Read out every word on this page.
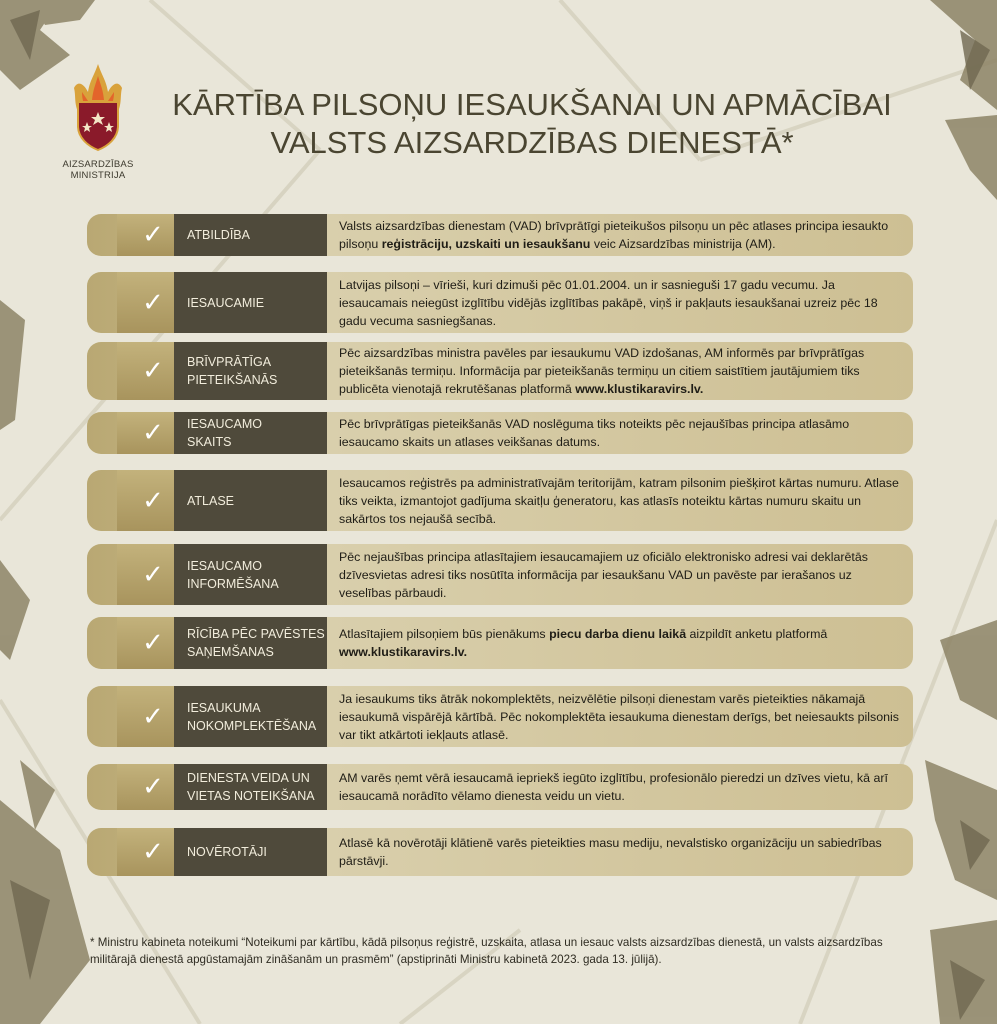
AIZSARDZĪBAS
MINISTRIJA
KĀRTĪBA PILSOŅU IESAUKŠANAI UN APMĀCĪBAI
VALSTS AIZSARDZĪBAS DIENESTĀ*
✓ ATBILDĪBA
Valsts aizsardzības dienestam (VAD) brīvprātīgi pieteikušos pilsoņu un pēc atlases principa iesaukto pilsoņu reģistrāciju, uzskaiti un iesaukšanu veic Aizsardzības ministrija (AM).
✓ IESAUCAMIE
Latvijas pilsoņi – vīrieši, kuri dzimuši pēc 01.01.2004. un ir sasnieguši 17 gadu vecumu. Ja iesaucamais neiegūst izglītību vidējās izglītības pakāpē, viņš ir pakļauts iesaukšanai uzreiz pēc 18 gadu vecuma sasniegšanas.
✓ BRĪVPRĀTĪGA
PIETEIKŠANĀS
Pēc aizsardzības ministra pavēles par iesaukumu VAD izdošanas, AM informēs par brīvprātīgas pieteikšanās termiņu. Informācija par pieteikšanās termiņu un citiem saistītiem jautājumiem tiks publicēta vienotajā rekrutēšanas platformā www.klustikaravirs.lv.
✓ IESAUCAMO
SKAITS
Pēc brīvprātīgas pieteikšanās VAD noslēguma tiks noteikts pēc nejaušības principa atlasāmo iesaucamo skaits un atlases veikšanas datums.
✓ ATLASE
Iesaucamos reģistrēs pa administratīvajām teritorijām, katram pilsonim piešķirot kārtas numuru. Atlase tiks veikta, izmantojot gadījuma skaitļu ģeneratoru, kas atlasīs noteiktu kārtas numuru skaitu un sakārtos tos nejaušā secībā.
✓ IESAUCAMO
INFORMĒŠANA
Pēc nejaušības principa atlasītajiem iesaucamajiem uz oficiālo elektronisko adresi vai deklarētās dzīvesvietas adresi tiks nosūtīta informācija par iesaukšanu VAD un pavēste par ierašanos uz veselības pārbaudi.
✓ RĪCĪBA PĒC PAVĒSTES
SAŅEMŠANAS
Atlasītajiem pilsoņiem būs pienākums piecu darba dienu laikā aizpildīt anketu platformā www.klustikaravirs.lv.
✓ IESAUKUMA
NOKOMPLEKTĒŠANA
Ja iesaukums tiks ātrāk nokomplektēts, neizvēlētie pilsoņi dienestam varēs pieteikties nākamajā iesaukumā vispārējā kārtībā. Pēc nokomplektēta iesaukuma dienestam derīgs, bet neiesaukts pilsonis var tikt atkārtoti iekļauts atlasē.
✓ DIENESTA VEIDA UN
VIETAS NOTEIKŠANA
AM varēs ņemt vērā iesaucamā iepriekš iegūto izglītību, profesionālo pieredzi un dzīves vietu, kā arī iesaucamā norādīto vēlamo dienesta veidu un vietu.
✓ NOVĒROTĀJI
Atlasē kā novērotāji klātienē varēs pieteikties masu mediju, nevalstisko organizāciju un sabiedrības pārstāvji.
* Ministru kabineta noteikumi “Noteikumi par kārtību, kādā pilsoņus reģistrē, uzskaita, atlasa un iesauc valsts aizsardzības dienestā, un valsts aizsardzības militārajā dienestā apgūstamajām zināšanām un prasmēm” (apstiprināti Ministru kabinetā 2023. gada 13. jūlijā).
